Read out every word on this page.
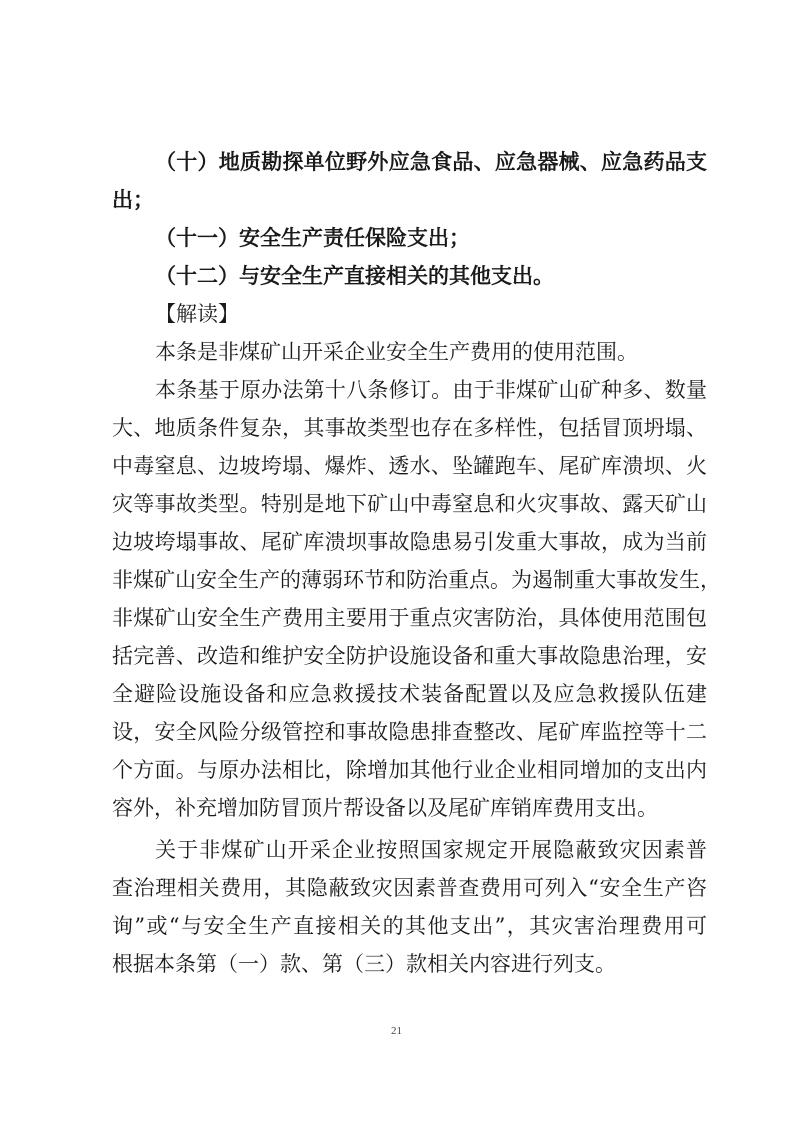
（十）地质勘探单位野外应急食品、应急器械、应急药品支
出；
（十一）安全生产责任保险支出；
（十二）与安全生产直接相关的其他支出。
【解读】
本条是非煤矿山开采企业安全生产费用的使用范围。
本条基于原办法第十八条修订。由于非煤矿山矿种多、数量
大、地质条件复杂，其事故类型也存在多样性，包括冒顶坍塌、
中毒窒息、边坡垮塌、爆炸、透水、坠罐跑车、尾矿库溃坝、火
灾等事故类型。特别是地下矿山中毒窒息和火灾事故、露天矿山
边坡垮塌事故、尾矿库溃坝事故隐患易引发重大事故，成为当前
非煤矿山安全生产的薄弱环节和防治重点。为遏制重大事故发生，
非煤矿山安全生产费用主要用于重点灾害防治，具体使用范围包
括完善、改造和维护安全防护设施设备和重大事故隐患治理，安
全避险设施设备和应急救援技术装备配置以及应急救援队伍建
设，安全风险分级管控和事故隐患排查整改、尾矿库监控等十二
个方面。与原办法相比，除增加其他行业企业相同增加的支出内
容外，补充增加防冒顶片帮设备以及尾矿库销库费用支出。
关于非煤矿山开采企业按照国家规定开展隐蔽致灾因素普
查治理相关费用，其隐蔽致灾因素普查费用可列入“安全生产咨
询”或“与安全生产直接相关的其他支出”，其灾害治理费用可
根据本条第（一）款、第（三）款相关内容进行列支。
21
